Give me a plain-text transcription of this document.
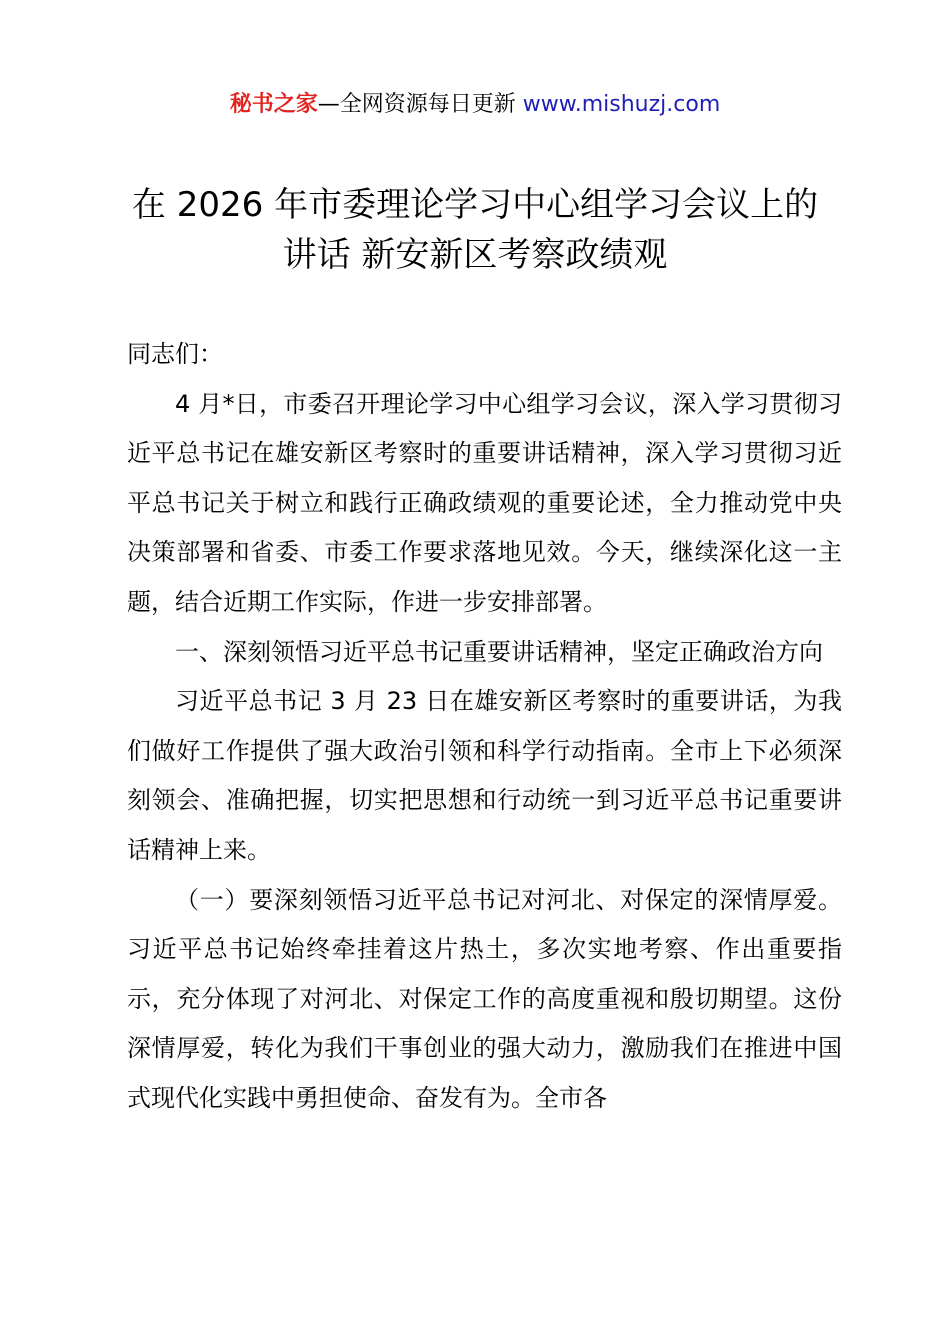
秘书之家—全网资源每日更新 www.mishuzj.com
在 2026 年市委理论学习中心组学习会议上的
讲话 新安新区考察政绩观

同志们：

4 月*日，市委召开理论学习中心组学习会议，深入学习贯彻习近平总书记在雄安新区考察时的重要讲话精神，深入学习贯彻习近平总书记关于树立和践行正确政绩观的重要论述，全力推动党中央决策部署和省委、市委工作要求落地见效。今天，继续深化这一主题，结合近期工作实际，作进一步安排部署。

一、深刻领悟习近平总书记重要讲话精神，坚定正确政治方向

习近平总书记 3 月 23 日在雄安新区考察时的重要讲话，为我们做好工作提供了强大政治引领和科学行动指南。全市上下必须深刻领会、准确把握，切实把思想和行动统一到习近平总书记重要讲话精神上来。

（一）要深刻领悟习近平总书记对河北、对保定的深情厚爱。习近平总书记始终牵挂着这片热土，多次实地考察、作出重要指示，充分体现了对河北、对保定工作的高度重视和殷切期望。这份深情厚爱，转化为我们干事创业的强大动力，激励我们在推进中国式现代化实践中勇担使命、奋发有为。全市各
